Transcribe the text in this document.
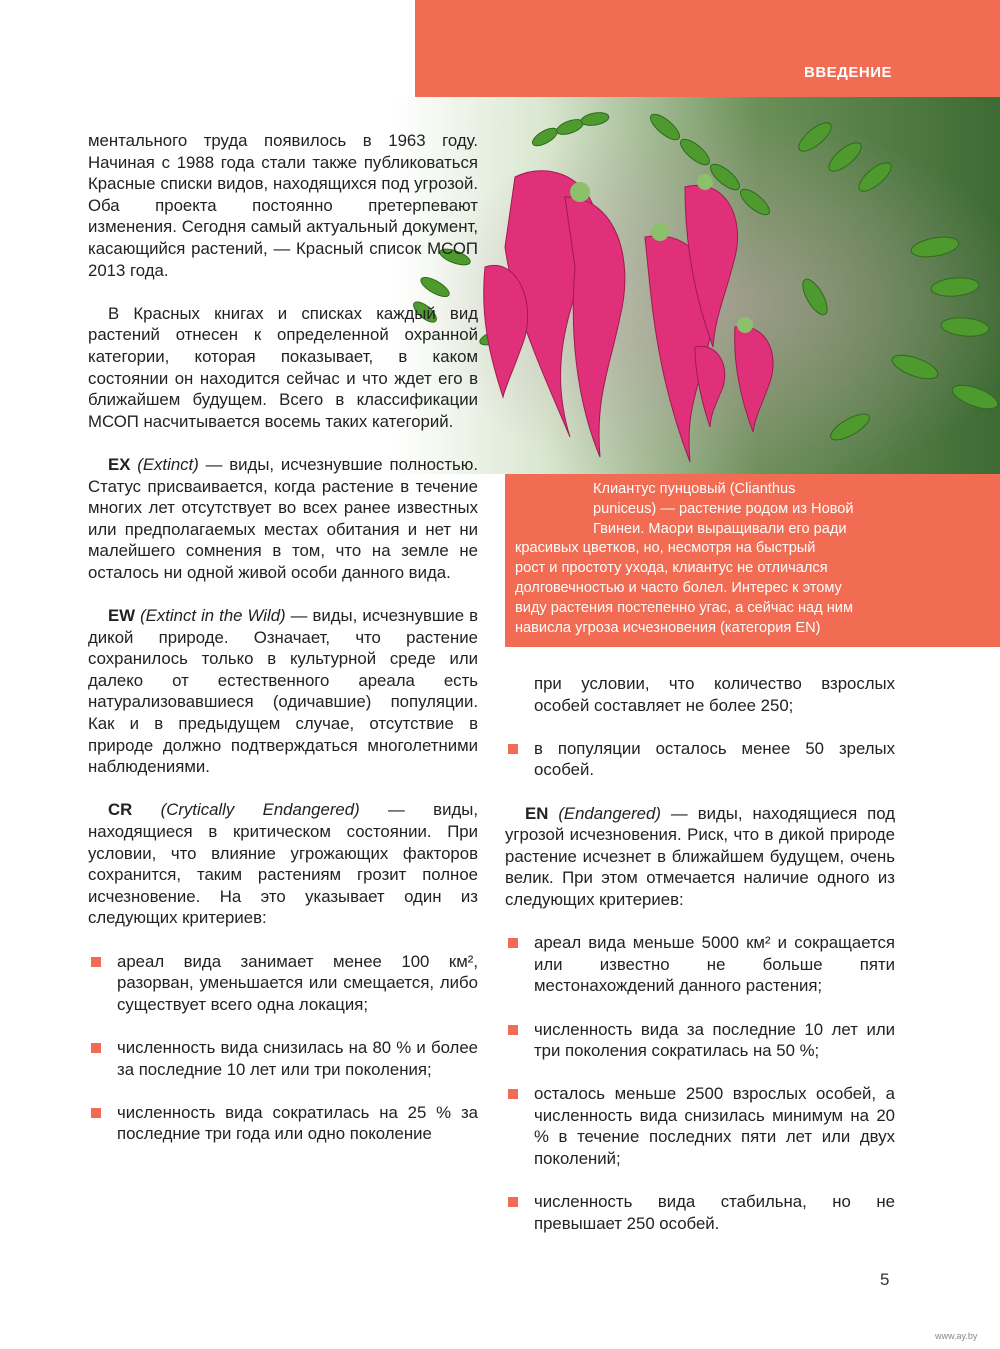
ВВЕДЕНИЕ
Клиантус пунцовый (Clianthus
puniceus) — растение родом из Новой
Гвинеи. Маори выращивали его ради
красивых цветков, но, несмотря на быстрый
рост и простоту ухода, клиантус не отличался
долговечностью и часто болел. Интерес к этому
виду растения постепенно угас, а сейчас над ним
нависла угроза исчезновения (категория EN)

ментального труда появилось в 1963 году. Начиная с 1988 года стали также публиковаться Красные списки видов, находящихся под угрозой. Оба проекта постоянно претерпевают изменения. Сегодня самый актуальный документ, касающийся растений, — Красный список МСОП 2013 года.

В Красных книгах и списках каждый вид растений отнесен к определенной охранной категории, которая показывает, в каком состоянии он находится сейчас и что ждет его в ближайшем будущем. Всего в классификации МСОП насчитывается восемь таких категорий.

EX (Extinct) — виды, исчезнувшие полностью. Статус присваивается, когда растение в течение многих лет отсутствует во всех ранее известных или предполагаемых местах обитания и нет ни малейшего сомнения в том, что на земле не осталось ни одной живой особи данного вида.

EW (Extinct in the Wild) — виды, исчезнувшие в дикой природе. Означает, что растение сохранилось только в культурной среде или далеко от естественного ареала есть натурализовавшиеся (одичавшие) популяции. Как и в предыдущем случае, отсутствие в природе должно подтверждаться многолетними наблюдениями.

CR (Crytically Endangered) — виды, находящиеся в критическом состоянии. При условии, что влияние угрожающих факторов сохранится, таким растениям грозит полное исчезновение. На это указывает один из следующих критериев:

ареал вида занимает менее 100 км², разорван, уменьшается или смещается, либо существует всего одна локация;
численность вида снизилась на 80 % и более за последние 10 лет или три поколения;
численность вида сократилась на 25 % за последние три года или одно поколение
при условии, что количество взрослых особей составляет не более 250;
в популяции осталось менее 50 зрелых особей.

EN (Endangered) — виды, находящиеся под угрозой исчезновения. Риск, что в дикой природе растение исчезнет в ближайшем будущем, очень велик. При этом отмечается наличие одного из следующих критериев:

ареал вида меньше 5000 км² и сокращается или известно не больше пяти местонахождений данного растения;
численность вида за последние 10 лет или три поколения сократилась на 50 %;
осталось меньше 2500 взрослых особей, а численность вида снизилась минимум на 20 % в течение последних пяти лет или двух поколений;
численность вида стабильна, но не превышает 250 особей.
5
www.ay.by
